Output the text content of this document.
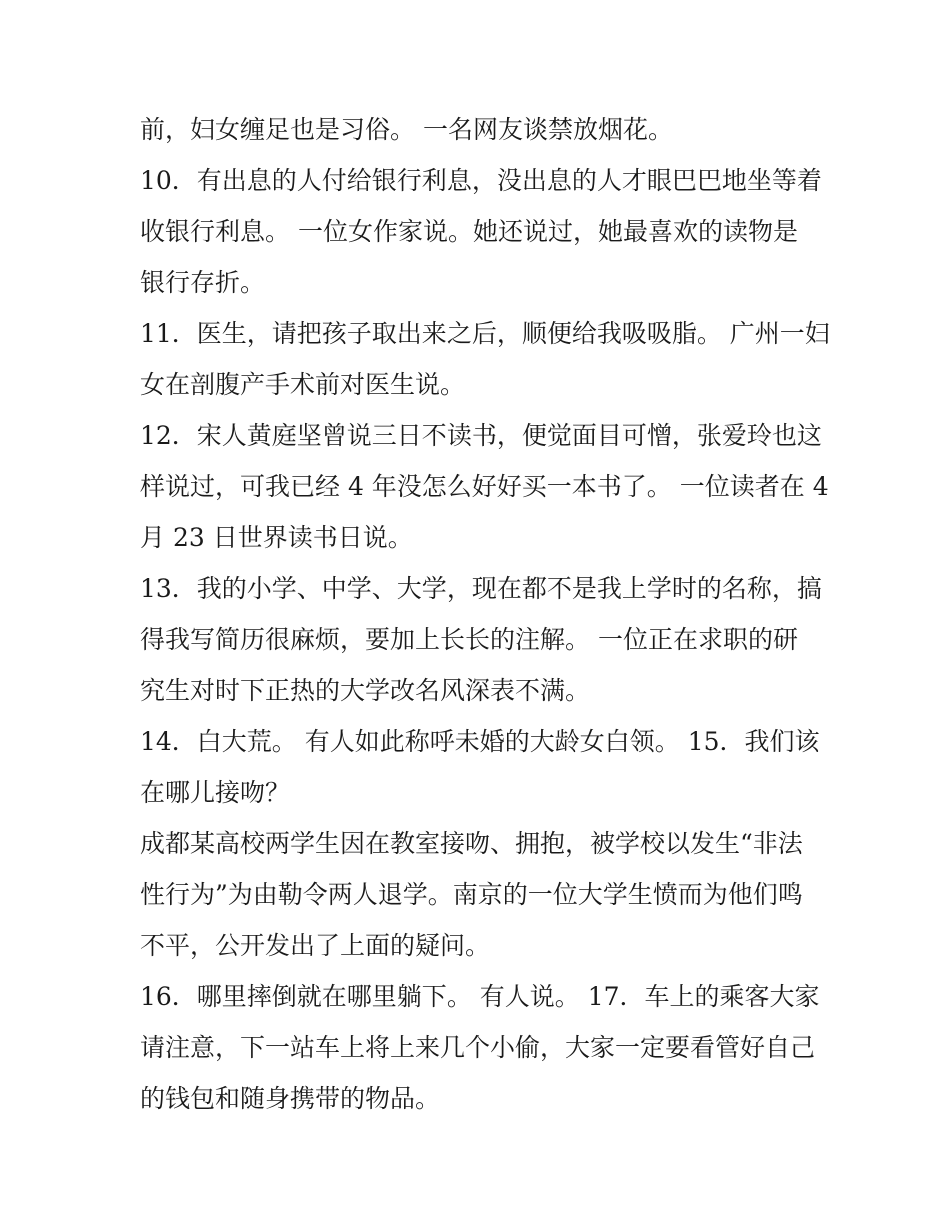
前，妇女缠足也是习俗。 一名网友谈禁放烟花。
10．有出息的人付给银行利息，没出息的人才眼巴巴地坐等着
收银行利息。 一位女作家说。她还说过，她最喜欢的读物是
银行存折。
11．医生，请把孩子取出来之后，顺便给我吸吸脂。 广州一妇
女在剖腹产手术前对医生说。
12．宋人黄庭坚曾说三日不读书，便觉面目可憎，张爱玲也这
样说过，可我已经 4 年没怎么好好买一本书了。 一位读者在 4
月 23 日世界读书日说。
13．我的小学、中学、大学，现在都不是我上学时的名称，搞
得我写简历很麻烦，要加上长长的注解。 一位正在求职的研
究生对时下正热的大学改名风深表不满。
14．白大荒。 有人如此称呼未婚的大龄女白领。 15．我们该
在哪儿接吻？
成都某高校两学生因在教室接吻、拥抱，被学校以发生“非法
性行为”为由勒令两人退学。南京的一位大学生愤而为他们鸣
不平，公开发出了上面的疑问。
16．哪里摔倒就在哪里躺下。 有人说。 17．车上的乘客大家
请注意，下一站车上将上来几个小偷，大家一定要看管好自己
的钱包和随身携带的物品。
